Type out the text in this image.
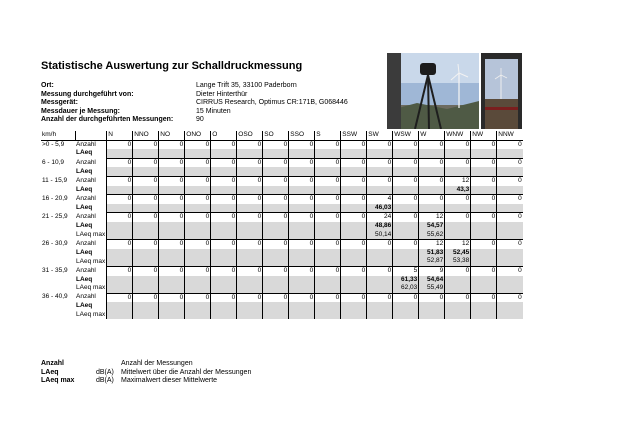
Statistische Auswertung zur Schalldruckmessung
Ort:	Lange Trift 35, 33100 Paderborn
Messung durchgeführt von:	Dieter Hinterthür
Messgerät:	CIRRUS Research, Optimus CR:171B, G068446
Messdauer je Messung:	15 Minuten
Anzahl der durchgeführten Messungen:	90
km/h		N	NNO	NO	ONO	O	OSO	SO	SSO	S	SSW	SW	WSW	W	WNW	NW	NNW
>0 - 5,9	Anzahl	0	0	0	0	0	0	0	0	0	0	0	0	0	0	0	0
	LAeq																
6 - 10,9	Anzahl	0	0	0	0	0	0	0	0	0	0	0	0	0	0	0	0
	LAeq																
11 - 15,9	Anzahl	0	0	0	0	0	0	0	0	0	0	0	0	0	12	0	0
	LAeq														43,3		
16 - 20,9	Anzahl	0	0	0	0	0	0	0	0	0	0	4	0	0	0	0	0
	LAeq											46,03					
21 - 25,9	Anzahl	0	0	0	0	0	0	0	0	0	0	24	0	12	0	0	0
	LAeq											48,86		54,57			
	LAeq max											50,14		55,62			
26 - 30,9	Anzahl	0	0	0	0	0	0	0	0	0	0	0	0	12	12	0	0
	LAeq													51,83	52,45		
	LAeq max													52,87	53,38		
31 - 35,9	Anzahl	0	0	0	0	0	0	0	0	0	0	0	5	9	0	0	0
	LAeq												61,33	54,64			
	LAeq max												62,03	55,49			
36 - 40,9	Anzahl	0	0	0	0	0	0	0	0	0	0	0	0	0	0	0	0
	LAeq																
	LAeq max																
Anzahl	Anzahl der Messungen
LAeq	dB(A)	Mittelwert über die Anzahl der Messungen
LAeq max	dB(A)	Maximalwert dieser Mittelwerte
